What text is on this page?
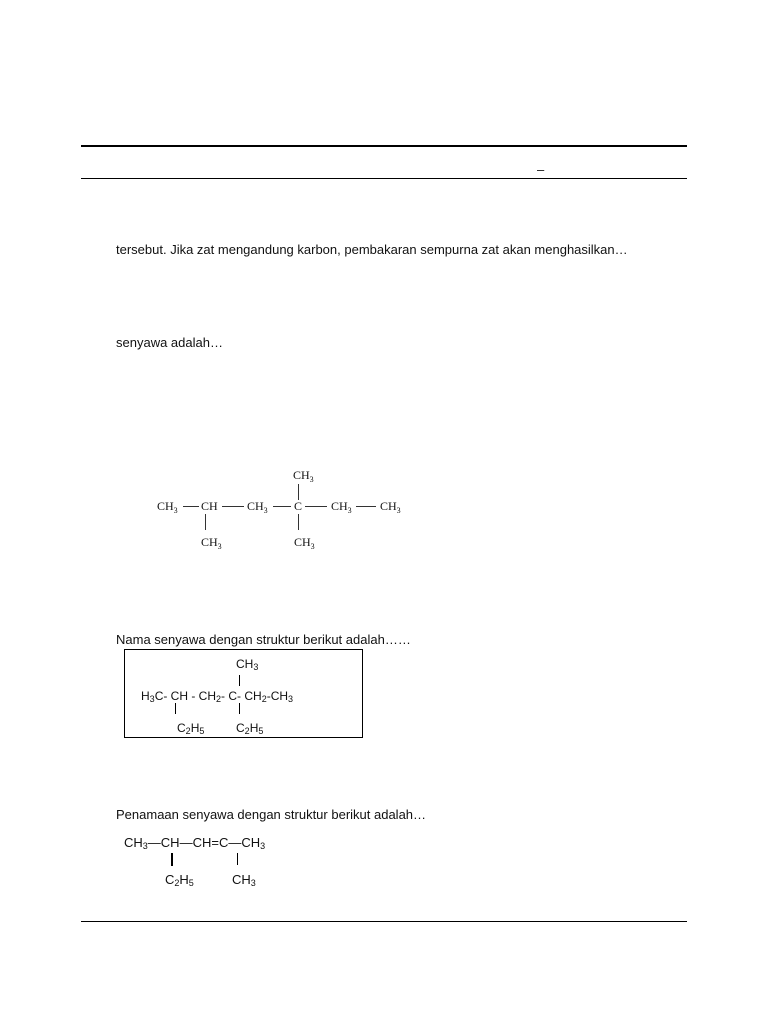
–
tersebut. Jika zat mengandung karbon, pembakaran sempurna zat akan menghasilkan…
senyawa adalah…
$CH_3$
$CH_3$ CH $CH_3$ C $CH_3$ $CH_3$
$CH_3$	$CH_3$
Nama senyawa dengan struktur berikut adalah……
CH3
H3C- CH - CH2- C- CH2-CH3
C2H5	C2H5
Penamaan senyawa dengan struktur berikut adalah…
CH3—CH—CH=C—CH3
C2H5	CH3
